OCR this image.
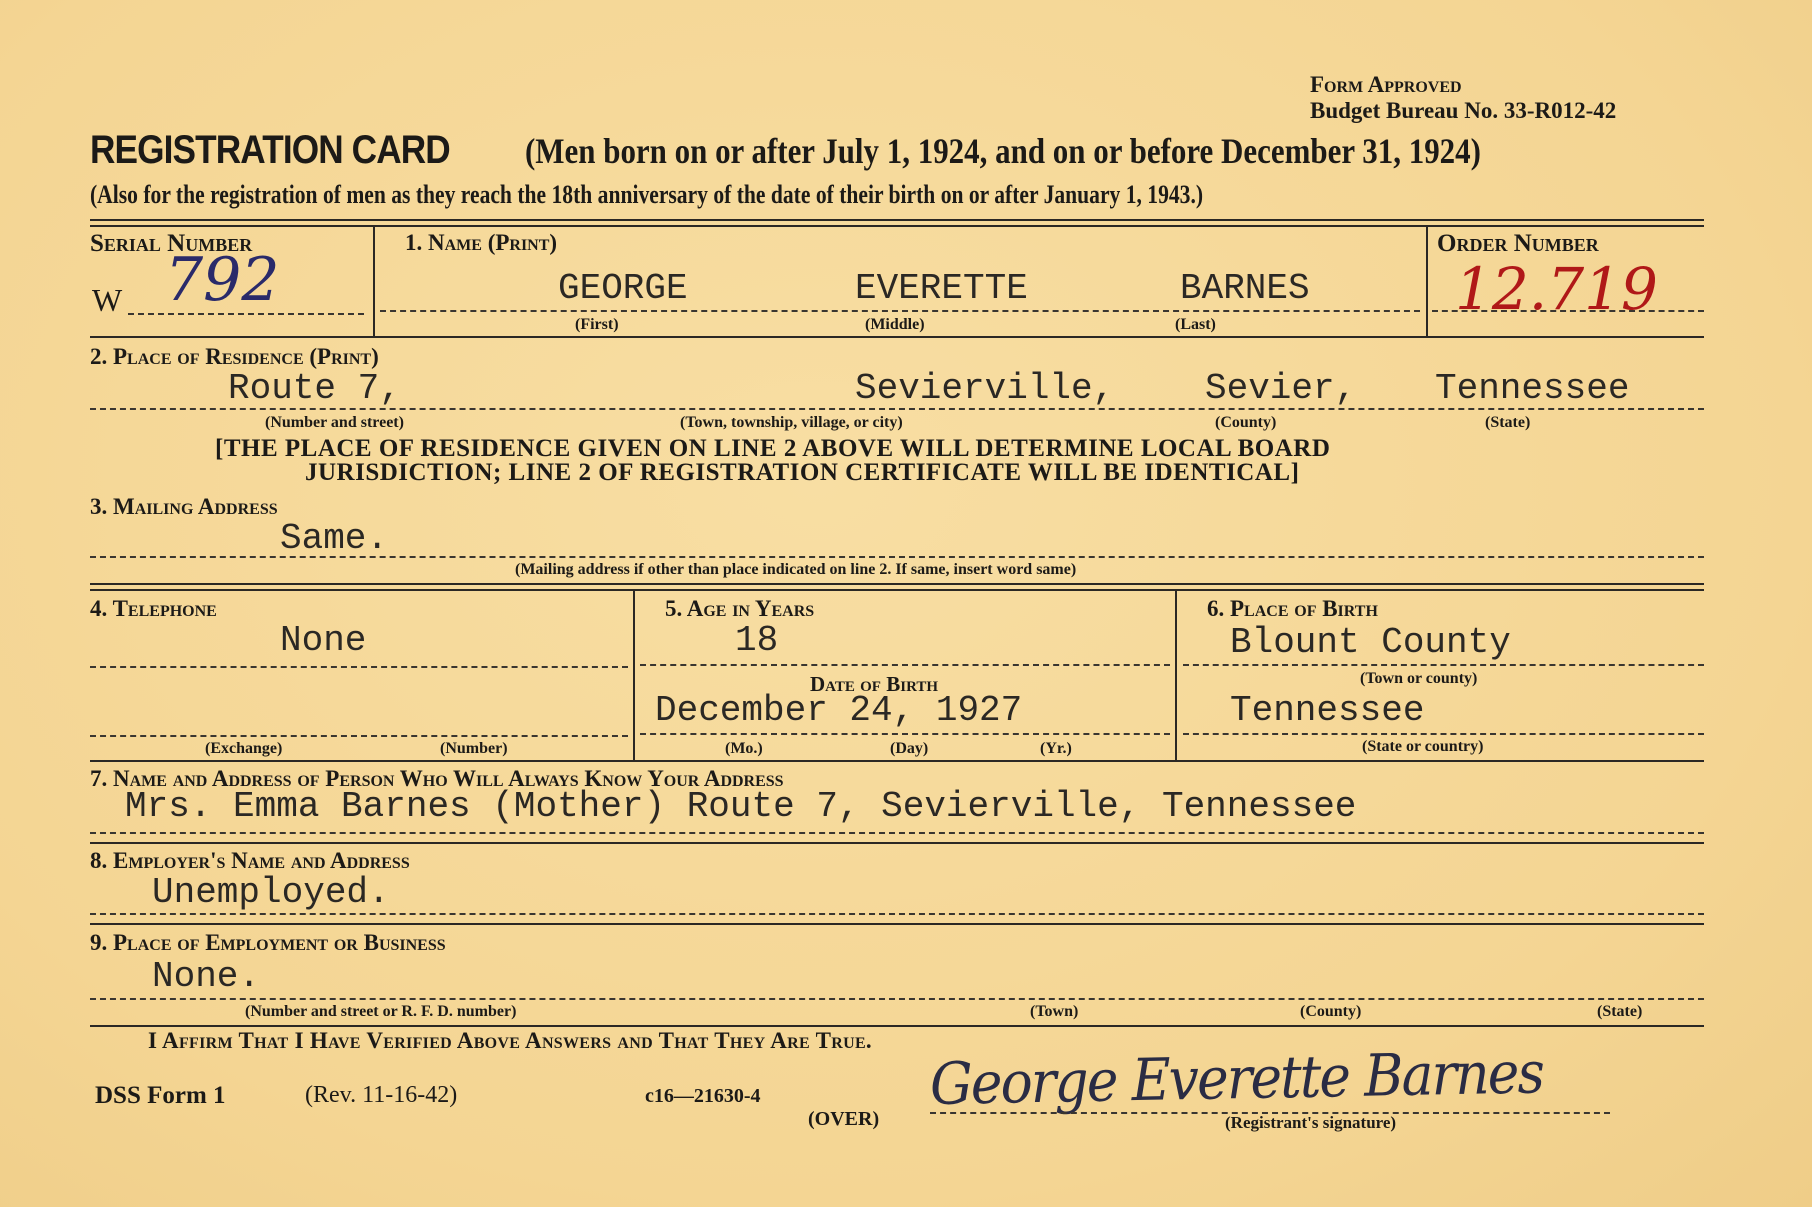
Form Approved
Budget Bureau No. 33-R012-42
REGISTRATION CARD (Men born on or after July 1, 1924, and on or before December 31, 1924)
(Also for the registration of men as they reach the 18th anniversary of the date of their birth on or after January 1, 1943.)
Serial Number
W 792
1. Name (Print)
GEORGE	EVERETTE	BARNES
(First)	(Middle)	(Last)
Order Number
12.719
2. Place of Residence (Print)
Route 7,	Sevierville,	Sevier, Tennessee
(Number and street)	(Town, township, village, or city)	(County)	(State)
[THE PLACE OF RESIDENCE GIVEN ON LINE 2 ABOVE WILL DETERMINE LOCAL BOARD
JURISDICTION; LINE 2 OF REGISTRATION CERTIFICATE WILL BE IDENTICAL]
3. Mailing Address
Same.
(Mailing address if other than place indicated on line 2. If same, insert word same)
4. Telephone
None
(Exchange)	(Number)
5. Age in Years
18
Date of Birth
December 24, 1927
(Mo.)	(Day)	(Yr.)
6. Place of Birth
Blount County
(Town or county)
Tennessee
(State or country)
7. Name and Address of Person Who Will Always Know Your Address
Mrs. Emma Barnes (Mother) Route 7, Sevierville, Tennessee
8. Employer's Name and Address
Unemployed.
9. Place of Employment or Business
None.
(Number and street or R. F. D. number)	(Town)	(County)	(State)
I Affirm That I Have Verified Above Answers and That They Are True.
DSS Form 1	(Rev. 11-16-42)	c16—21630-4
(OVER)
George Everette Barnes
(Registrant's signature)
